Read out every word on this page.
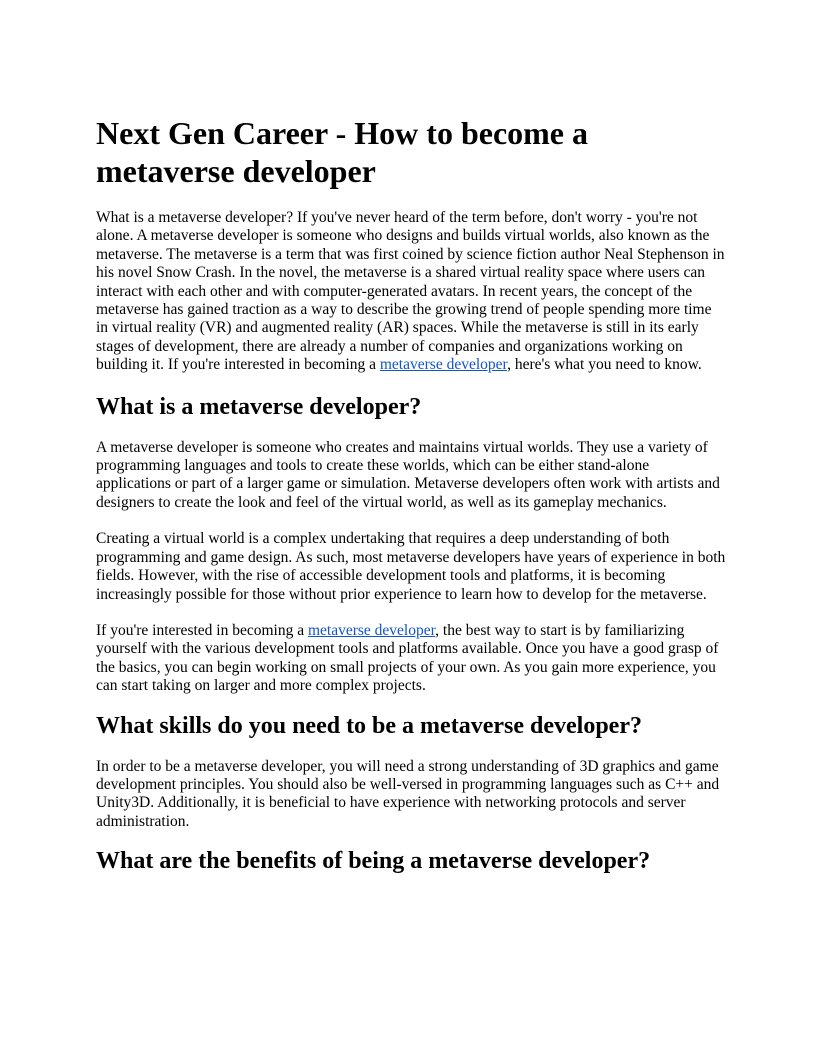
Next Gen Career - How to become a metaverse developer

What is a metaverse developer? If you've never heard of the term before, don't worry - you're not alone. A metaverse developer is someone who designs and builds virtual worlds, also known as the metaverse. The metaverse is a term that was first coined by science fiction author Neal Stephenson in his novel Snow Crash. In the novel, the metaverse is a shared virtual reality space where users can interact with each other and with computer-generated avatars. In recent years, the concept of the metaverse has gained traction as a way to describe the growing trend of people spending more time in virtual reality (VR) and augmented reality (AR) spaces. While the metaverse is still in its early stages of development, there are already a number of companies and organizations working on building it. If you're interested in becoming a metaverse developer, here's what you need to know.

What is a metaverse developer?

A metaverse developer is someone who creates and maintains virtual worlds. They use a variety of programming languages and tools to create these worlds, which can be either stand-alone applications or part of a larger game or simulation. Metaverse developers often work with artists and designers to create the look and feel of the virtual world, as well as its gameplay mechanics.

Creating a virtual world is a complex undertaking that requires a deep understanding of both programming and game design. As such, most metaverse developers have years of experience in both fields. However, with the rise of accessible development tools and platforms, it is becoming increasingly possible for those without prior experience to learn how to develop for the metaverse.

If you're interested in becoming a metaverse developer, the best way to start is by familiarizing yourself with the various development tools and platforms available. Once you have a good grasp of the basics, you can begin working on small projects of your own. As you gain more experience, you can start taking on larger and more complex projects.

What skills do you need to be a metaverse developer?

In order to be a metaverse developer, you will need a strong understanding of 3D graphics and game development principles. You should also be well-versed in programming languages such as C++ and Unity3D. Additionally, it is beneficial to have experience with networking protocols and server administration.

What are the benefits of being a metaverse developer?
